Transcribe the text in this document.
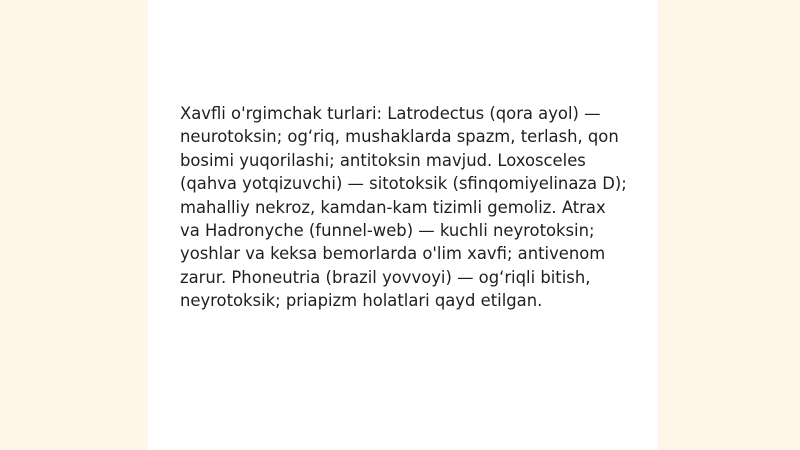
Xavfli o'rgimchak turlari: Latrodectus (qora ayol) — neurotoksin; og‘riq, mushaklarda spazm, terlash, qon bosimi yuqorilashi; antitoksin mavjud. Loxosceles (qahva yotqizuvchi) — sitotoksik (sfinqomiyelinaza D); mahalliy nekroz, kamdan-kam tizimli gemoliz. Atrax va Hadronyche (funnel-web) — kuchli neyrotoksin; yoshlar va keksa bemorlarda o'lim xavfi; antivenom zarur. Phoneutria (brazil yovvoyi) — og‘riqli bitish, neyrotoksik; priapizm holatlari qayd etilgan.
